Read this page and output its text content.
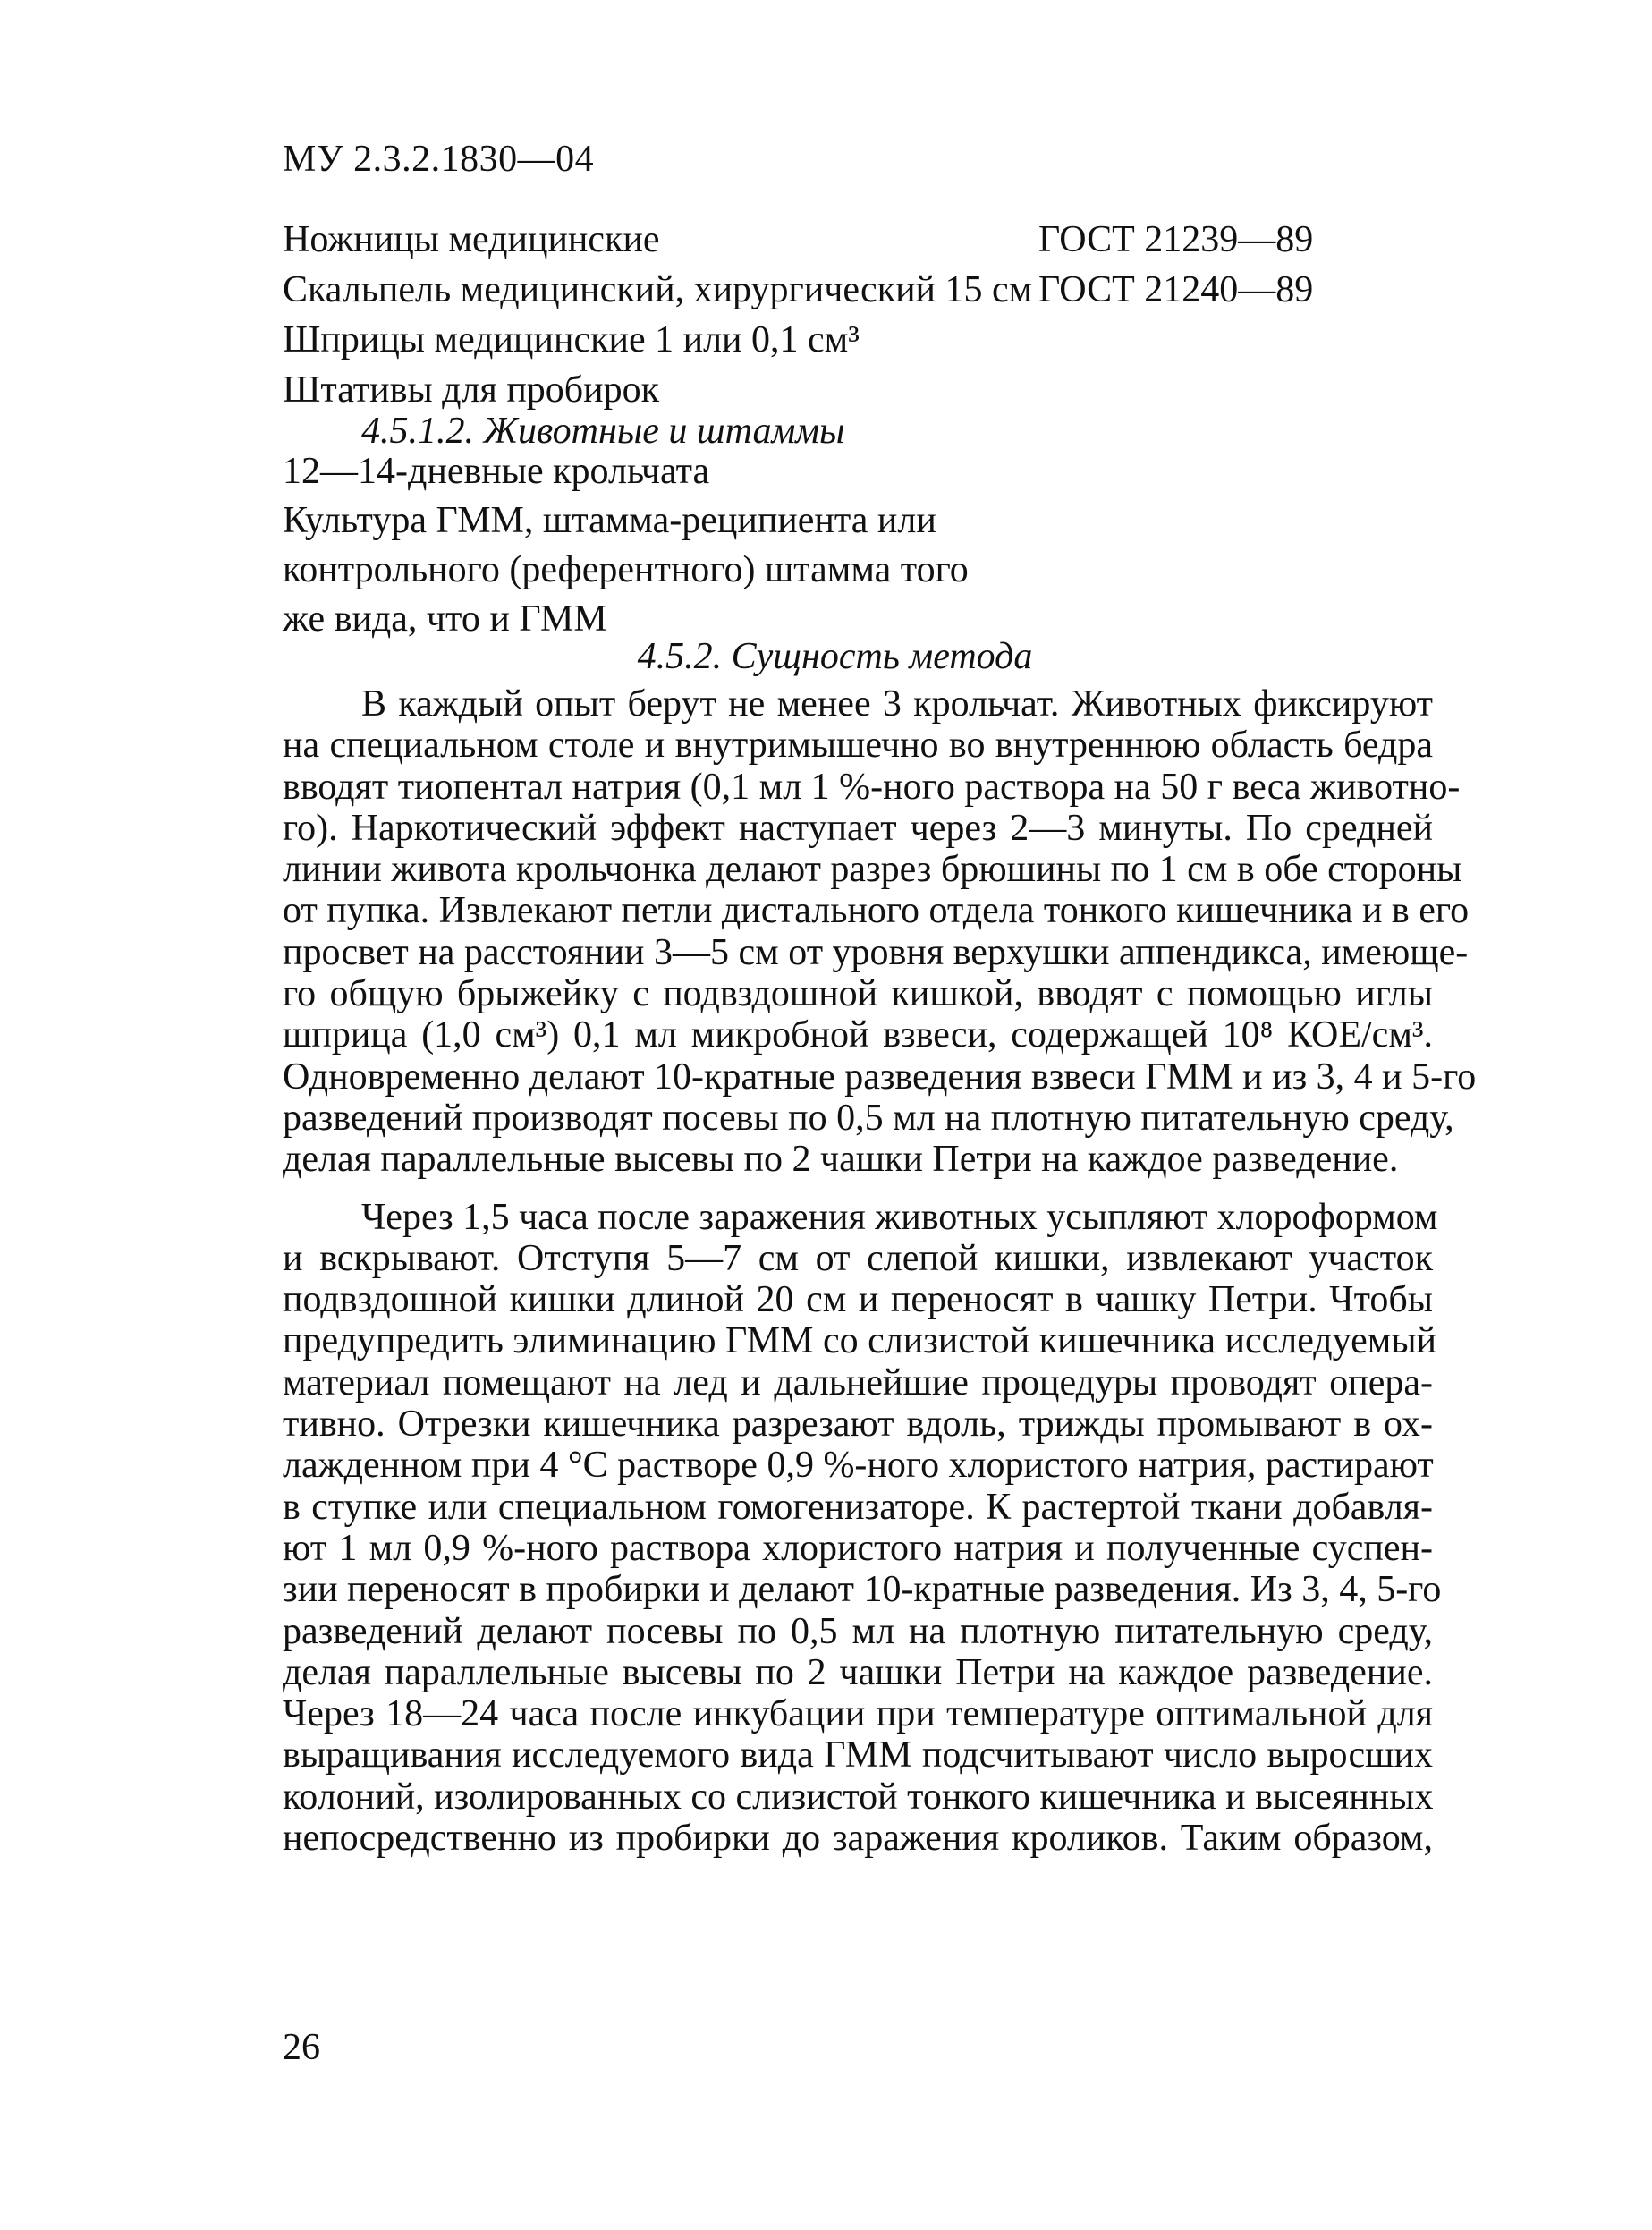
МУ 2.3.2.1830—04
Ножницы медицинские	ГОСТ 21239—89
Скальпель медицинский, хирургический 15 см ГОСТ 21240—89
Шприцы медицинские 1 или 0,1 см³
Штативы для пробирок
4.5.1.2. Животные и штаммы
12—14-дневные крольчата
Культура ГММ, штамма-реципиента или
контрольного (референтного) штамма того
же вида, что и ГММ
4.5.2. Сущность метода
В каждый опыт берут не менее 3 крольчат. Животных фиксируют
на специальном столе и внутримышечно во внутреннюю область бедра
вводят тиопентал натрия (0,1 мл 1 %-ного раствора на 50 г веса животно-
го). Наркотический эффект наступает через 2—3 минуты. По средней
линии живота крольчонка делают разрез брюшины по 1 см в обе стороны
от пупка. Извлекают петли дистального отдела тонкого кишечника и в его
просвет на расстоянии 3—5 см от уровня верхушки аппендикса, имеюще-
го общую брыжейку с подвздошной кишкой, вводят с помощью иглы
шприца (1,0 см³) 0,1 мл микробной взвеси, содержащей 10⁸ КОЕ/см³.
Одновременно делают 10-кратные разведения взвеси ГММ и из 3, 4 и 5-го
разведений производят посевы по 0,5 мл на плотную питательную среду,
делая параллельные высевы по 2 чашки Петри на каждое разведение.
Через 1,5 часа после заражения животных усыпляют хлороформом
и вскрывают. Отступя 5—7 см от слепой кишки, извлекают участок
подвздошной кишки длиной 20 см и переносят в чашку Петри. Чтобы
предупредить элиминацию ГММ со слизистой кишечника исследуемый
материал помещают на лед и дальнейшие процедуры проводят опера-
тивно. Отрезки кишечника разрезают вдоль, трижды промывают в ох-
лажденном при 4 °С растворе 0,9 %-ного хлористого натрия, растирают
в ступке или специальном гомогенизаторе. К растертой ткани добавля-
ют 1 мл 0,9 %-ного раствора хлористого натрия и полученные суспен-
зии переносят в пробирки и делают 10-кратные разведения. Из 3, 4, 5-го
разведений делают посевы по 0,5 мл на плотную питательную среду,
делая параллельные высевы по 2 чашки Петри на каждое разведение.
Через 18—24 часа после инкубации при температуре оптимальной для
выращивания исследуемого вида ГММ подсчитывают число выросших
колоний, изолированных со слизистой тонкого кишечника и высеянных
непосредственно из пробирки до заражения кроликов. Таким образом,
26
